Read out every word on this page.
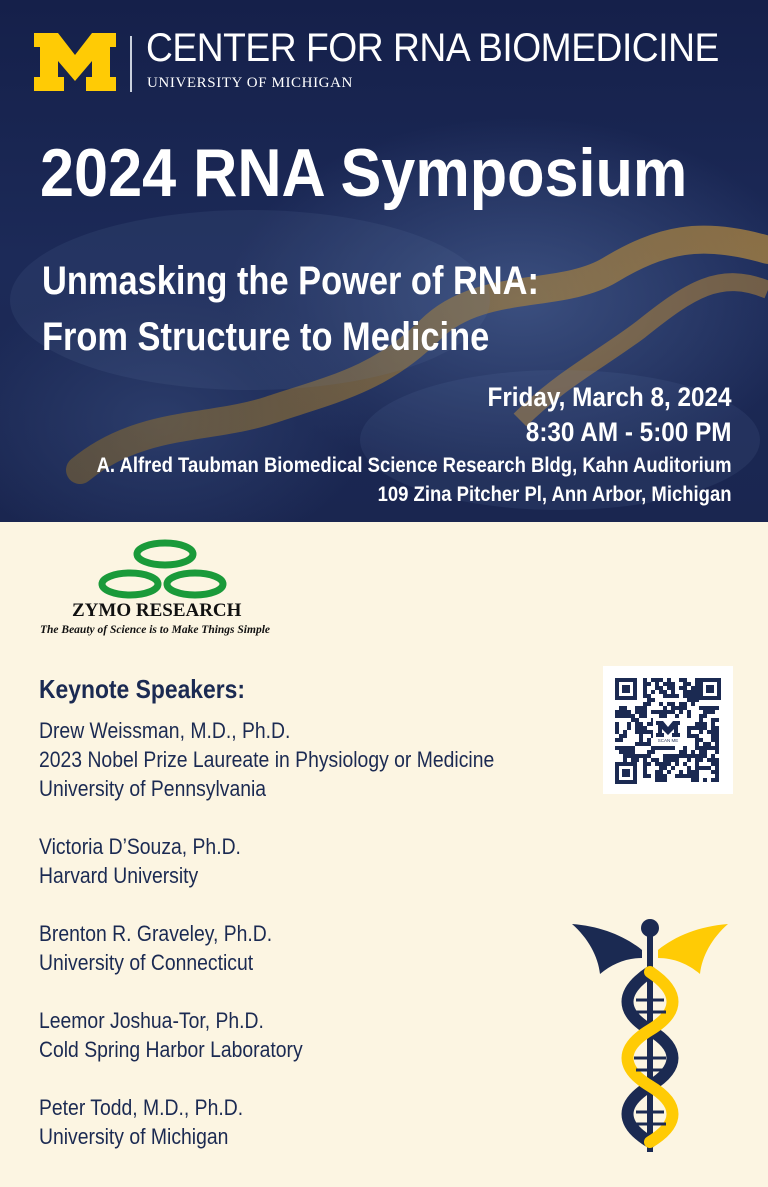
CENTER FOR RNA BIOMEDICINE
UNIVERSITY OF MICHIGAN
2024 RNA Symposium
Unmasking the Power of RNA:
From Structure to Medicine
Friday, March 8, 2024
8:30 AM - 5:00 PM
A. Alfred Taubman Biomedical Science Research Bldg, Kahn Auditorium
109 Zina Pitcher Pl, Ann Arbor, Michigan
ZYMO RESEARCH
The Beauty of Science is to Make Things Simple
Keynote Speakers:
Drew Weissman, M.D., Ph.D.
2023 Nobel Prize Laureate in Physiology or Medicine
University of Pennsylvania
Victoria D’Souza, Ph.D.
Harvard University
Brenton R. Graveley, Ph.D.
University of Connecticut
Leemor Joshua-Tor, Ph.D.
Cold Spring Harbor Laboratory
Peter Todd, M.D., Ph.D.
University of Michigan
SCAN ME
